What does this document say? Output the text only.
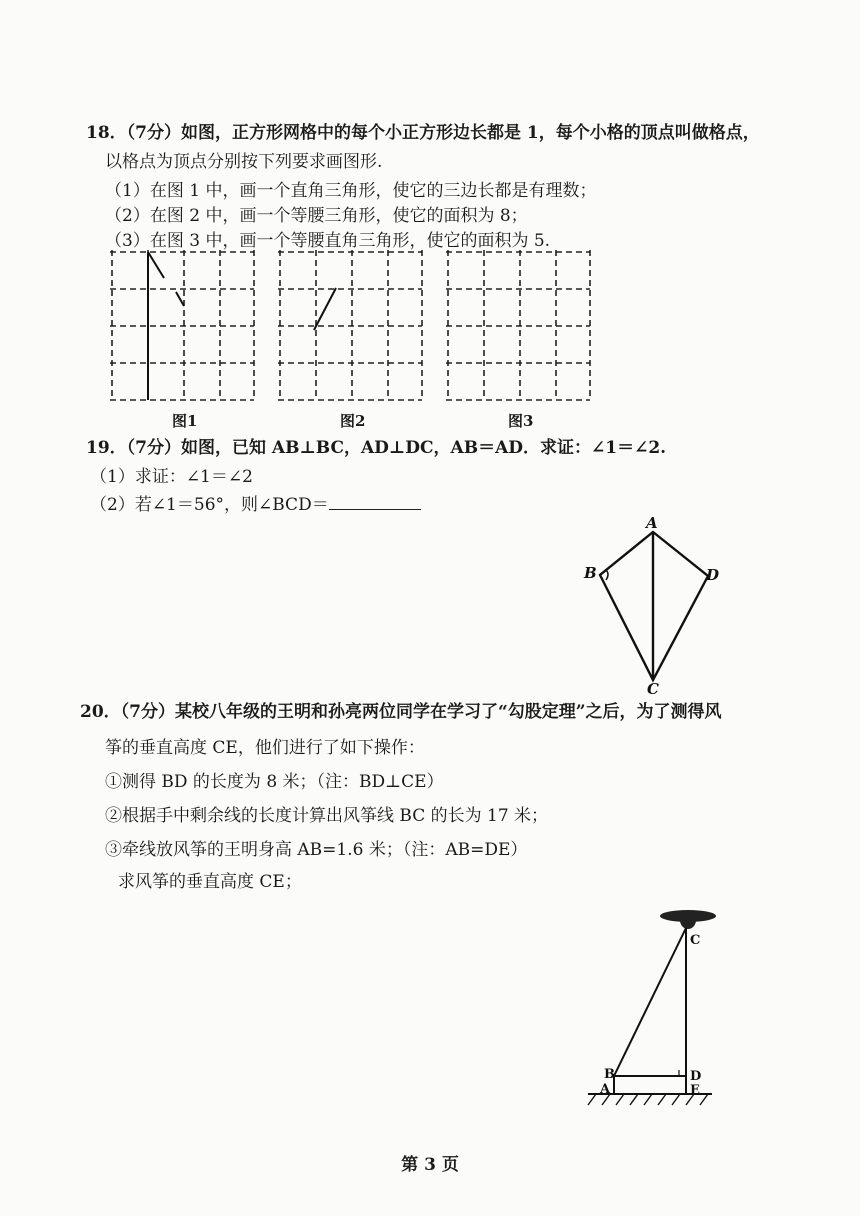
18．（7分）如图，正方形网格中的每个小正方形边长都是 1，每个小格的顶点叫做格点，
以格点为顶点分别按下列要求画图形.
（1）在图 1 中，画一个直角三角形，使它的三边长都是有理数；
（2）在图 2 中，画一个等腰三角形，使它的面积为 8；
（3）在图 3 中，画一个等腰直角三角形，使它的面积为 5.
图1	图2	图3
19．（7分）如图，已知 AB⊥BC，AD⊥DC，AB＝AD．求证：∠1＝∠2.
（1）求证：∠1＝∠2
（2）若∠1＝56°，则∠BCD＝
A
B	D
C
20．（7分）某校八年级的王明和孙亮两位同学在学习了“勾股定理”之后，为了测得风
筝的垂直高度 CE，他们进行了如下操作：
①测得 BD 的长度为 8 米；（注：BD⊥CE）
②根据手中剩余线的长度计算出风筝线 BC 的长为 17 米；
③牵线放风筝的王明身高 AB=1.6 米；（注：AB=DE）
求风筝的垂直高度 CE；
C
B	D
A	E
第 3 页
